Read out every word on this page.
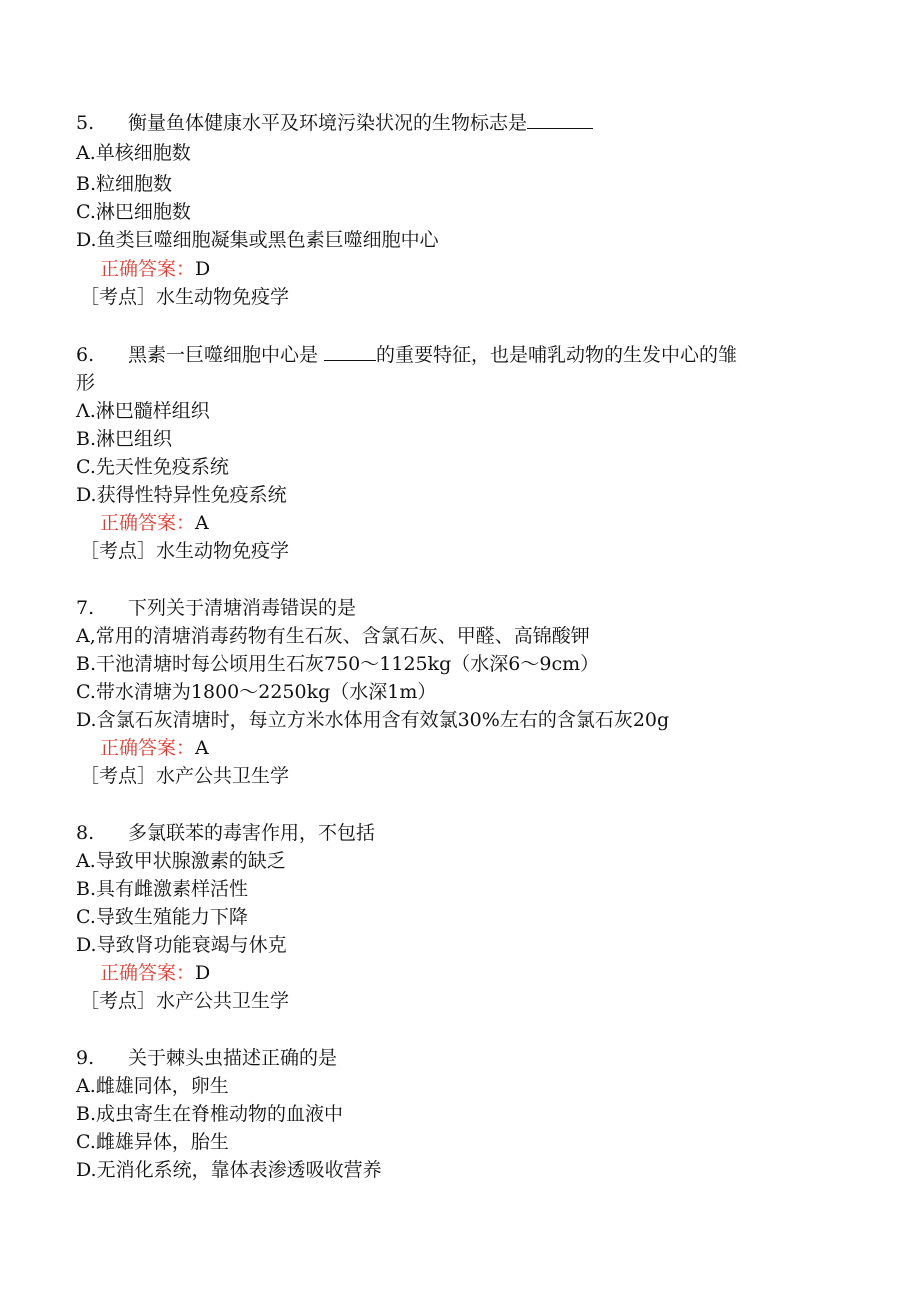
5. 衡量鱼体健康水平及环境污染状况的生物标志是
A.单核细胞数
B.粒细胞数
C.淋巴细胞数
D.鱼类巨噬细胞凝集或黑色素巨噬细胞中心
正确答案：D
［考点］水生动物免疫学
6. 黑素一巨噬细胞中心是	的重要特征，也是哺乳动物的生发中心的雏
形
Λ.淋巴髓样组织
B.淋巴组织
C.先天性免疫系统
D.获得性特异性免疫系统
正确答案：A
［考点］水生动物免疫学
7. 下列关于清塘消毒错误的是
A,常用的清塘消毒药物有生石灰、含氯石灰、甲醛、高锦酸钾
B.干池清塘时每公顷用生石灰750～1125kg（水深6～9cm）
C.带水清塘为1800～2250kg（水深1m）
D.含氯石灰清塘时，每立方米水体用含有效氯30%左右的含氯石灰20g
正确答案：A
［考点］水产公共卫生学
8. 多氯联苯的毒害作用，不包括
A.导致甲状腺激素的缺乏
B.具有雌激素样活性
C.导致生殖能力下降
D.导致肾功能衰竭与休克
正确答案：D
［考点］水产公共卫生学
9. 关于棘头虫描述正确的是
A.雌雄同体，卵生
B.成虫寄生在脊椎动物的血液中
C.雌雄异体，胎生
D.无消化系统，靠体表渗透吸收营养
